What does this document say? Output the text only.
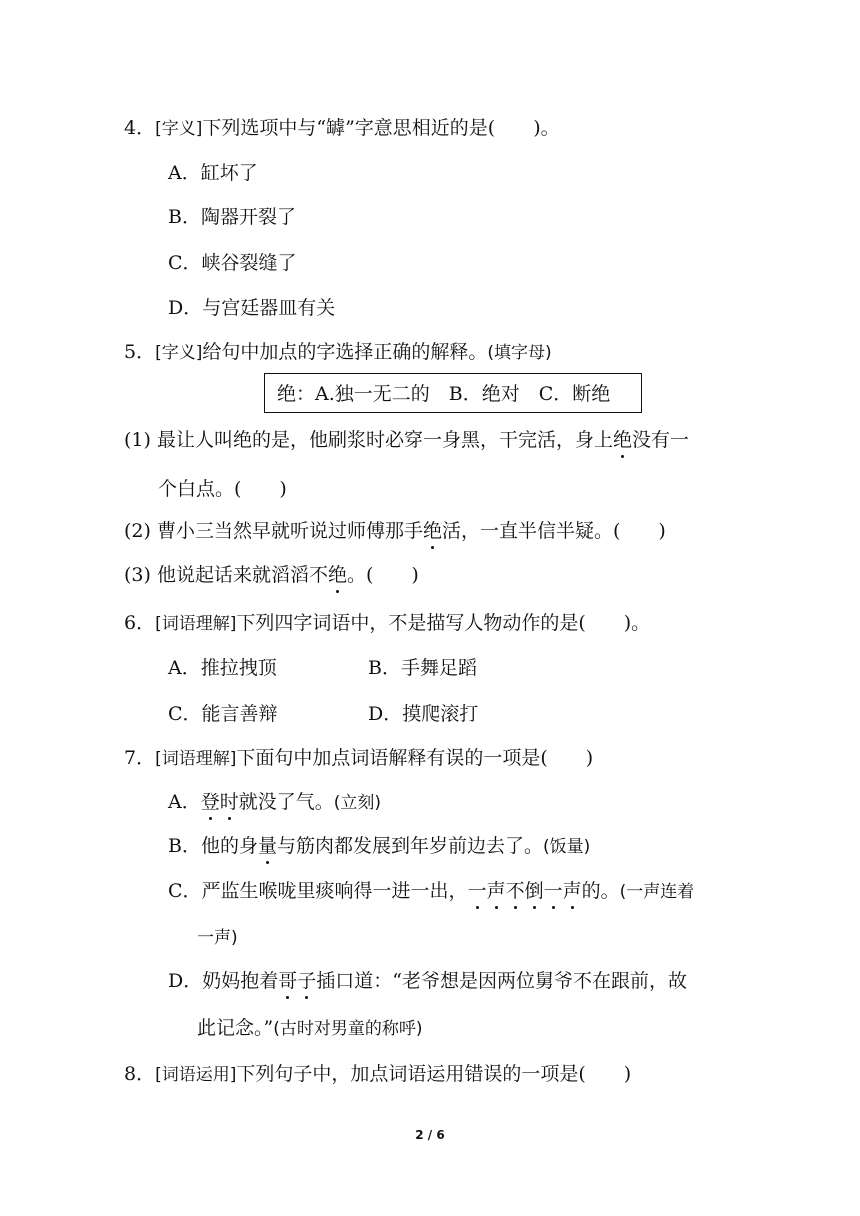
4．[字义]下列选项中与“罅”字意思相近的是(　　)。
A．缸坏了
B．陶器开裂了
C．峡谷裂缝了
D．与宫廷器皿有关
5．[字义]给句中加点的字选择正确的解释。(填字母)
绝：A.独一无二的　B．绝对　C．断绝
(1) 最让人叫绝的是，他刷浆时必穿一身黑，干完活，身上绝没有一
个白点。(　　)
(2) 曹小三当然早就听说过师傅那手绝活，一直半信半疑。(　　)
(3) 他说起话来就滔滔不绝。(　　)
6．[词语理解]下列四字词语中，不是描写人物动作的是(　　)。
A．推拉拽顶	B．手舞足蹈
C．能言善辩	D．摸爬滚打
7．[词语理解]下面句中加点词语解释有误的一项是(　　)
A．登时就没了气。(立刻)
B．他的身量与筋肉都发展到年岁前边去了。(饭量)
C．严监生喉咙里痰响得一进一出，一声不倒一声的。(一声连着
一声)
D．奶妈抱着哥子插口道：“老爷想是因两位舅爷不在跟前，故
此记念。”(古时对男童的称呼)
8．[词语运用]下列句子中，加点词语运用错误的一项是(　　)
2 / 6
